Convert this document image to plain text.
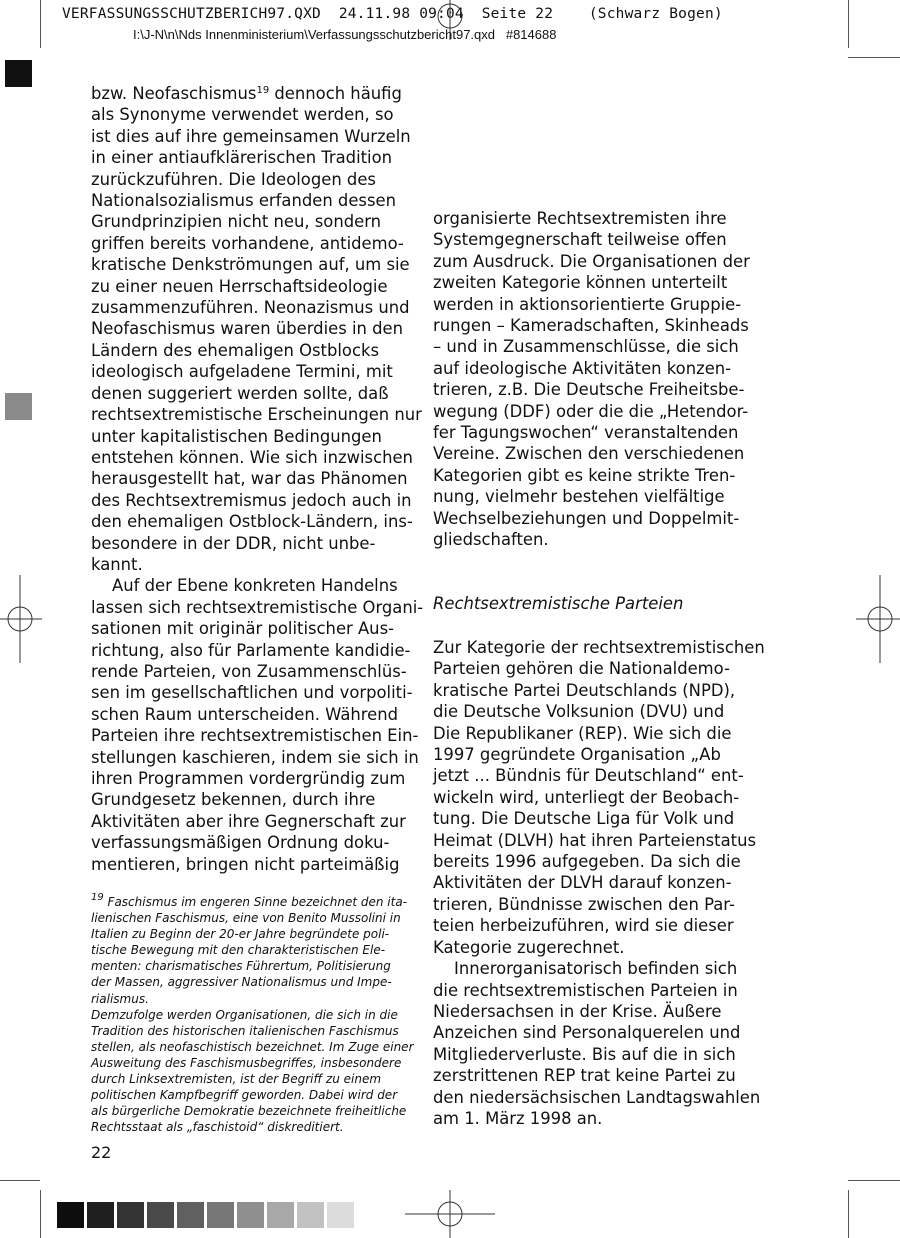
VERFASSUNGSSCHUTZBERICH97.QXD  24.11.98 09:04  Seite 22    (Schwarz Bogen)
I:\J-N\n\Nds Innenministerium\Verfassungsschutzbericht97.qxd   #814688

bzw. Neofaschismus$^{19}$ dennoch häufig

als Synonyme verwendet werden, so

ist dies auf ihre gemeinsamen Wurzeln

in einer antiaufklärerischen Tradition

zurückzuführen. Die Ideologen des

Nationalsozialismus erfanden dessen

Grundprinzipien nicht neu, sondern

griffen bereits vorhandene, antidemo-

kratische Denkströmungen auf, um sie

zu einer neuen Herrschaftsideologie

zusammenzuführen. Neonazismus und

Neofaschismus waren überdies in den

Ländern des ehemaligen Ostblocks

ideologisch aufgeladene Termini, mit

denen suggeriert werden sollte, daß

rechtsextremistische Erscheinungen nur

unter kapitalistischen Bedingungen

entstehen können. Wie sich inzwischen

herausgestellt hat, war das Phänomen

des Rechtsextremismus jedoch auch in

den ehemaligen Ostblock-Ländern, ins-

besondere in der DDR, nicht unbe-

kannt.

Auf der Ebene konkreten Handelns

lassen sich rechtsextremistische Organi-

sationen mit originär politischer Aus-

richtung, also für Parlamente kandidie-

rende Parteien, von Zusammenschlüs-

sen im gesellschaftlichen und vorpoliti-

schen Raum unterscheiden. Während

Parteien ihre rechtsextremistischen Ein-

stellungen kaschieren, indem sie sich in

ihren Programmen vordergründig zum

Grundgesetz bekennen, durch ihre

Aktivitäten aber ihre Gegnerschaft zur

verfassungsmäßigen Ordnung doku-

mentieren, bringen nicht parteimäßig

$^{19}$ Faschismus im engeren Sinne bezeichnet den ita-

lienischen Faschismus, eine von Benito Mussolini in

Italien zu Beginn der 20-er Jahre begründete poli-

tische Bewegung mit den charakteristischen Ele-

menten: charismatisches Führertum, Politisierung

der Massen, aggressiver Nationalismus und Impe-

rialismus.

Demzufolge werden Organisationen, die sich in die

Tradition des historischen italienischen Faschismus

stellen, als neofaschistisch bezeichnet. Im Zuge einer

Ausweitung des Faschismusbegriffes, insbesondere

durch Linksextremisten, ist der Begriff zu einem

politischen Kampfbegriff geworden. Dabei wird der

als bürgerliche Demokratie bezeichnete freiheitliche

Rechtsstaat als „faschistoid“ diskreditiert.

22

organisierte Rechtsextremisten ihre

Systemgegnerschaft teilweise offen

zum Ausdruck. Die Organisationen der

zweiten Kategorie können unterteilt

werden in aktionsorientierte Gruppie-

rungen – Kameradschaften, Skinheads

– und in Zusammenschlüsse, die sich

auf ideologische Aktivitäten konzen-

trieren, z.B. Die Deutsche Freiheitsbe-

wegung (DDF) oder die die „Hetendor-

fer Tagungswochen“ veranstaltenden

Vereine. Zwischen den verschiedenen

Kategorien gibt es keine strikte Tren-

nung, vielmehr bestehen vielfältige

Wechselbeziehungen und Doppelmit-

gliedschaften.

Rechtsextremistische Parteien

Zur Kategorie der rechtsextremistischen

Parteien gehören die Nationaldemo-

kratische Partei Deutschlands (NPD),

die Deutsche Volksunion (DVU) und

Die Republikaner (REP). Wie sich die

1997 gegründete Organisation „Ab

jetzt ... Bündnis für Deutschland“ ent-

wickeln wird, unterliegt der Beobach-

tung. Die Deutsche Liga für Volk und

Heimat (DLVH) hat ihren Parteienstatus

bereits 1996 aufgegeben. Da sich die

Aktivitäten der DLVH darauf konzen-

trieren, Bündnisse zwischen den Par-

teien herbeizuführen, wird sie dieser

Kategorie zugerechnet.

Innerorganisatorisch befinden sich

die rechtsextremistischen Parteien in

Niedersachsen in der Krise. Äußere

Anzeichen sind Personalquerelen und

Mitgliederverluste. Bis auf die in sich

zerstrittenen REP trat keine Partei zu

den niedersächsischen Landtagswahlen

am 1. März 1998 an.
